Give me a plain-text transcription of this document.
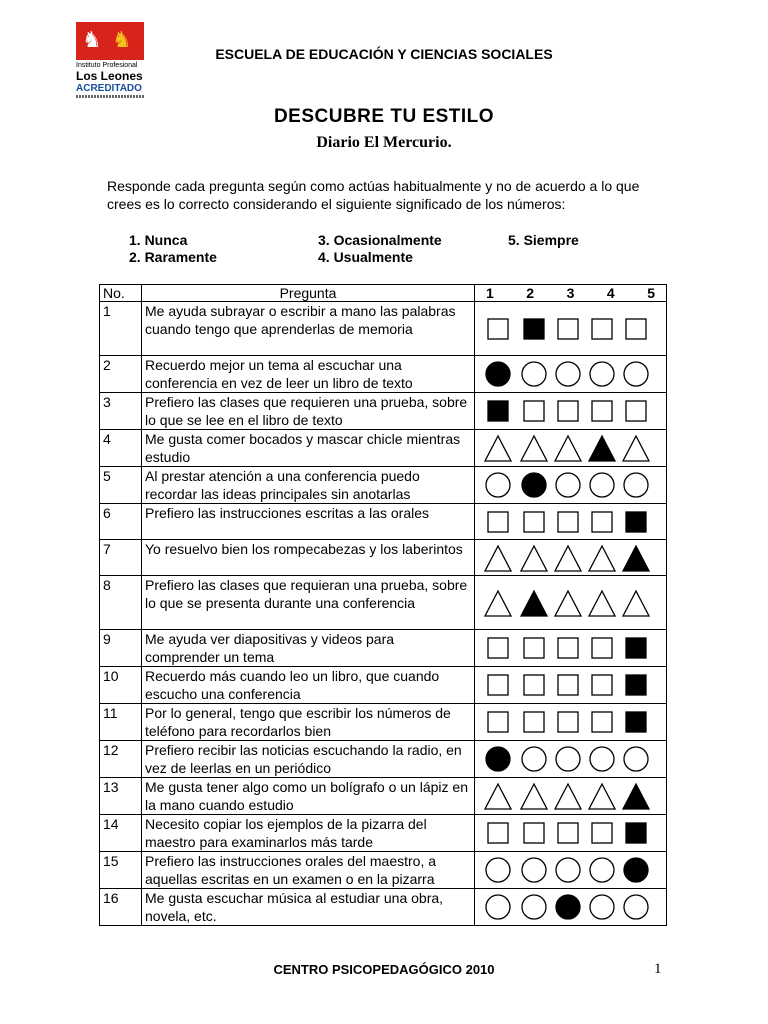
♞ ♞
Instituto Profesional
Los Leones
ACREDITADO
ESCUELA DE EDUCACIÓN Y CIENCIAS SOCIALES
DESCUBRE TU ESTILO
Diario El Mercurio.
Responde cada pregunta según como actúas habitualmente y no de acuerdo a lo que crees es lo correcto considerando el siguiente significado de los números:
1. Nunca
2. Raramente
3. Ocasionalmente
4. Usualmente
5. Siempre
No.	Pregunta	1 2 3 4 5

1	Me ayuda subrayar o escribir a mano las palabras cuando tengo que aprenderlas de memoria	

2	Recuerdo mejor un tema al escuchar una conferencia en vez de leer un libro de texto	

3	Prefiero las clases que requieren una prueba, sobre lo que se lee en el libro de texto	

4	Me gusta comer bocados y mascar chicle mientras estudio	

5	Al prestar atención a una conferencia puedo recordar las ideas principales sin anotarlas	

6	Prefiero las instrucciones escritas a las orales	

7	Yo resuelvo bien los rompecabezas y los laberintos	

8	Prefiero las clases que requieran una prueba, sobre lo que se presenta durante una conferencia	

9	Me ayuda ver diapositivas y videos para comprender un tema	

10	Recuerdo más cuando leo un libro, que cuando escucho una conferencia	

11	Por lo general, tengo que escribir los números de teléfono para recordarlos bien	

12	Prefiero recibir las noticias escuchando la radio, en vez de leerlas en un periódico	

13	Me gusta tener algo como un bolígrafo o un lápiz en la mano cuando estudio	

14	Necesito copiar los ejemplos de la pizarra del maestro para examinarlos más tarde	

15	Prefiero las instrucciones orales del maestro, a aquellas escritas en un examen o en la pizarra	

16	Me gusta escuchar música al estudiar una obra, novela, etc.	
CENTRO PSICOPEDAGÓGICO 2010	1
